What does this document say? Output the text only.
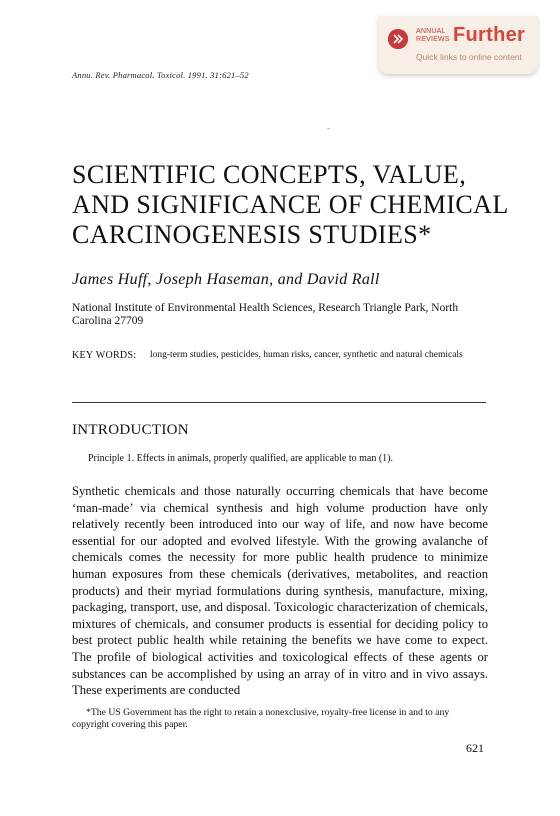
ANNUAL
REVIEWS Further
Quick links to online content
Annu. Rev. Pharmacol. Toxicol. 1991. 31:621–52
SCIENTIFIC CONCEPTS, VALUE, AND SIGNIFICANCE OF CHEMICAL CARCINOGENESIS STUDIES*
James Huff, Joseph Haseman, and David Rall
National Institute of Environmental Health Sciences, Research Triangle Park, North Carolina 27709
KEY WORDS: long-term studies, pesticides, human risks, cancer, synthetic and natural chemicals
INTRODUCTION
Principle 1. Effects in animals, properly qualified, are applicable to man (1).
Synthetic chemicals and those naturally occurring chemicals that have become ‘man-made’ via chemical synthesis and high volume production have only relatively recently been introduced into our way of life, and now have become essential for our adopted and evolved lifestyle. With the growing avalanche of chemicals comes the necessity for more public health prudence to minimize human exposures from these chemicals (derivatives, metabolites, and reaction products) and their myriad formulations during synthesis, manufacture, mixing, packaging, transport, use, and disposal. Toxicologic characterization of chemicals, mixtures of chemicals, and consumer products is essential for deciding policy to best protect public health while retaining the benefits we have come to expect. The profile of biological activities and toxicological effects of these agents or substances can be accomplished by using an array of in vitro and in vivo assays. These experiments are conducted
*The US Government has the right to retain a nonexclusive, royalty-free license in and to any copyright covering this paper.
621
